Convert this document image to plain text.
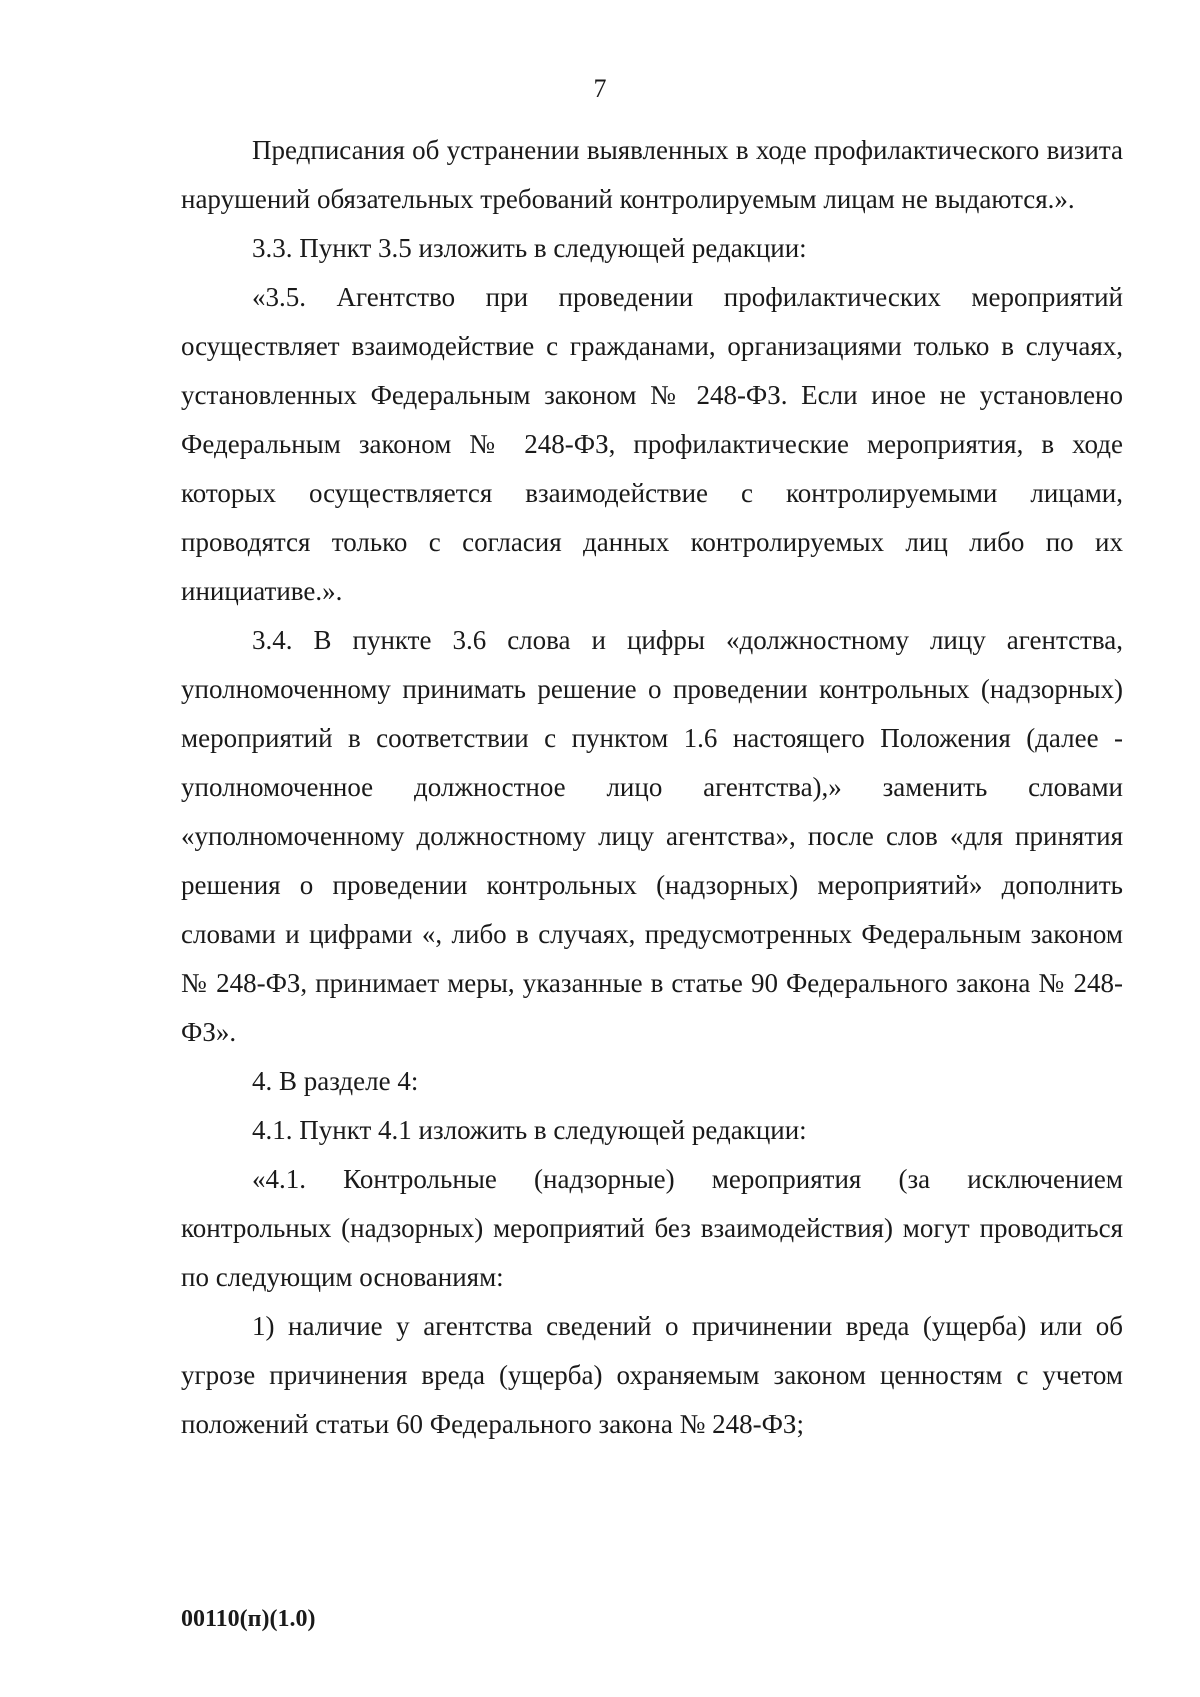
7

Предписания об устранении выявленных в ходе профилактического визита нарушений обязательных требований контролируемым лицам не выдаются.».

3.3. Пункт 3.5 изложить в следующей редакции:

«3.5. Агентство при проведении профилактических мероприятий осуществляет взаимодействие с гражданами, организациями только в случаях, установленных Федеральным законом № 248-ФЗ. Если иное не установлено Федеральным законом № 248-ФЗ, профилактические мероприятия, в ходе которых осуществляется взаимодействие с контролируемыми лицами, проводятся только с согласия данных контролируемых лиц либо по их инициативе.».

3.4. В пункте 3.6 слова и цифры «должностному лицу агентства, уполномоченному принимать решение о проведении контрольных (надзорных) мероприятий в соответствии с пунктом 1.6 настоящего Положения (далее - уполномоченное должностное лицо агентства),» заменить словами «уполномоченному должностному лицу агентства», после слов «для принятия решения о проведении контрольных (надзорных) мероприятий» дополнить словами и цифрами «, либо в случаях, предусмотренных Федеральным законом № 248-ФЗ, принимает меры, указанные в статье 90 Федерального закона № 248-ФЗ».

4. В разделе 4:

4.1. Пункт 4.1 изложить в следующей редакции:

«4.1. Контрольные (надзорные) мероприятия (за исключением контрольных (надзорных) мероприятий без взаимодействия) могут проводиться по следующим основаниям:

1) наличие у агентства сведений о причинении вреда (ущерба) или об угрозе причинения вреда (ущерба) охраняемым законом ценностям с учетом положений статьи 60 Федерального закона № 248-ФЗ;

00110(п)(1.0)
